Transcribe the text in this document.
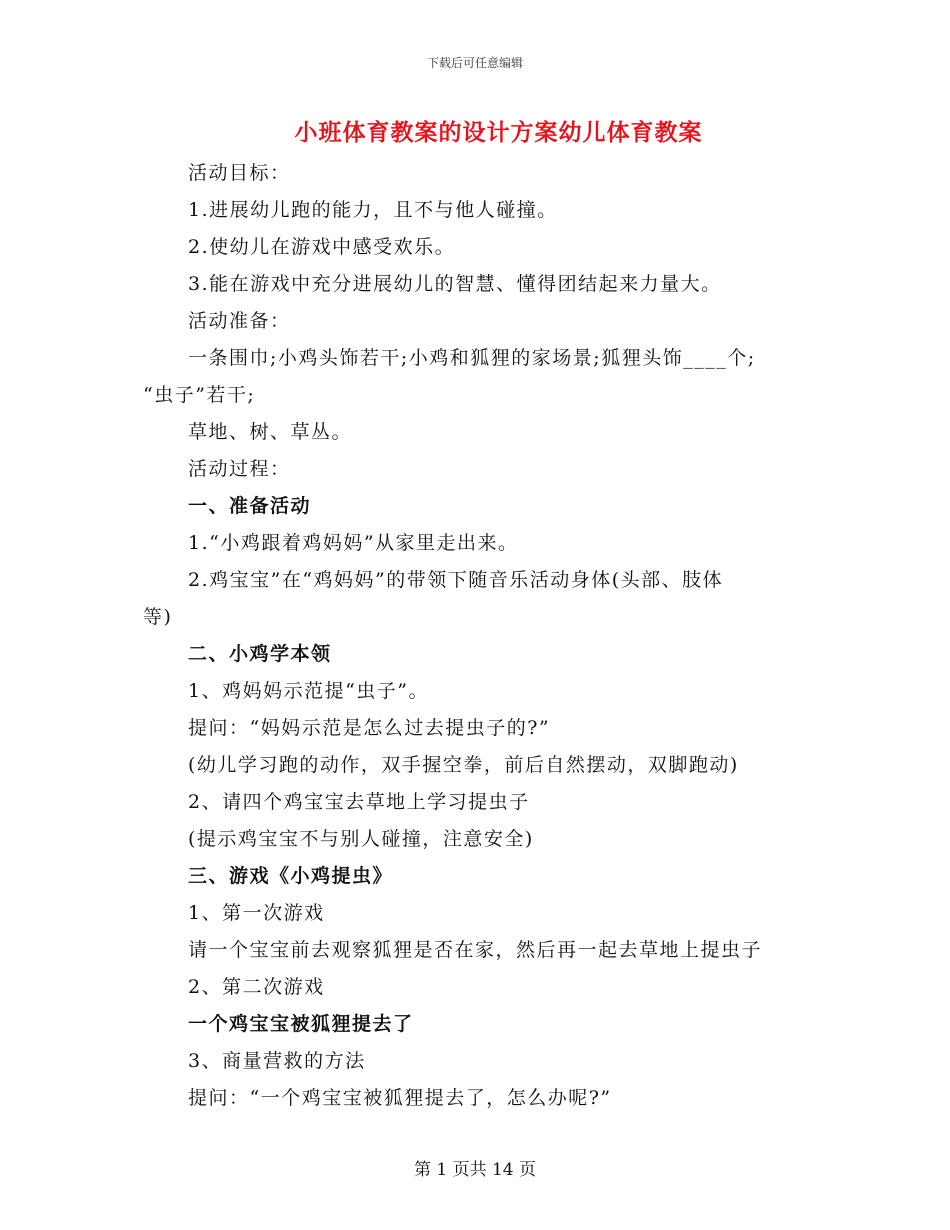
下载后可任意编辑
小班体育教案的设计方案幼儿体育教案
活动目标：
1.进展幼儿跑的能力，且不与他人碰撞。
2.使幼儿在游戏中感受欢乐。
3.能在游戏中充分进展幼儿的智慧、懂得团结起来力量大。
活动准备：
一条围巾;小鸡头饰若干;小鸡和狐狸的家场景;狐狸头饰____个;
“虫子”若干;
草地、树、草丛。
活动过程：
一、准备活动
1.“小鸡跟着鸡妈妈”从家里走出来。
2.鸡宝宝”在“鸡妈妈”的带领下随音乐活动身体(头部、肢体
等)
二、小鸡学本领
1、鸡妈妈示范提“虫子”。
提问：“妈妈示范是怎么过去提虫子的?”
(幼儿学习跑的动作，双手握空拳，前后自然摆动，双脚跑动)
2、请四个鸡宝宝去草地上学习提虫子
(提示鸡宝宝不与别人碰撞，注意安全)
三、游戏《小鸡提虫》
1、第一次游戏
请一个宝宝前去观察狐狸是否在家，然后再一起去草地上提虫子
2、第二次游戏
一个鸡宝宝被狐狸提去了
3、商量营救的方法
提问：“一个鸡宝宝被狐狸提去了，怎么办呢?”
第 1 页共 14 页
